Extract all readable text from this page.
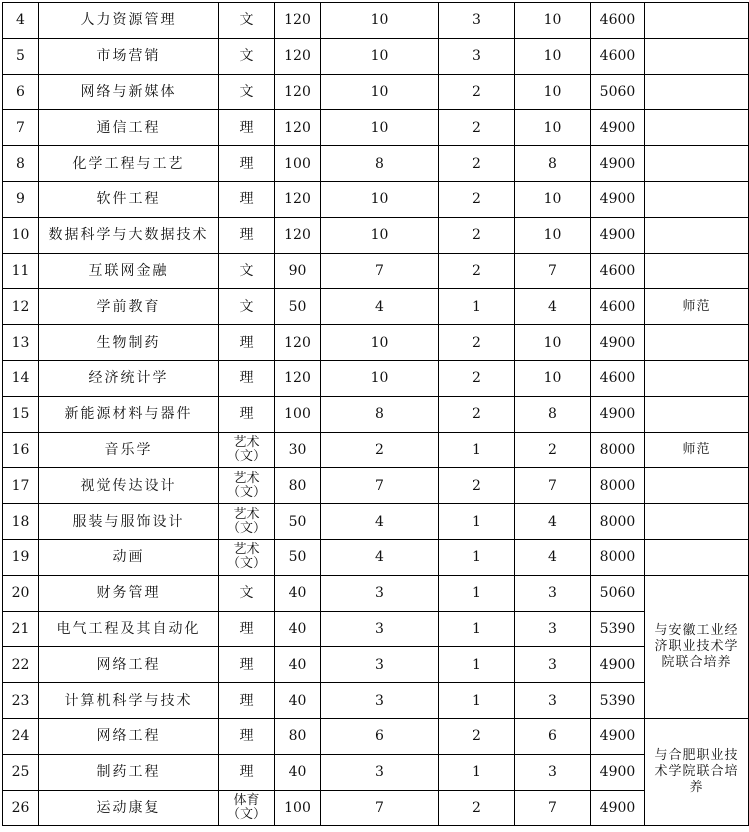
4	人力资源管理	文	120	10	3	10	4600	
5	市场营销	文	120	10	3	10	4600	
6	网络与新媒体	文	120	10	2	10	5060	
7	通信工程	理	120	10	2	10	4900	
8	化学工程与工艺	理	100	8	2	8	4900	
9	软件工程	理	120	10	2	10	4900	
10	数据科学与大数据技术	理	120	10	2	10	4900	
11	互联网金融	文	90	7	2	7	4600	
12	学前教育	文	50	4	1	4	4600	师范
13	生物制药	理	120	10	2	10	4900	
14	经济统计学	理	120	10	2	10	4600	
15	新能源材料与器件	理	100	8	2	8	4900	
16	音乐学	艺术（文）	30	2	1	2	8000	师范
17	视觉传达设计	艺术（文）	80	7	2	7	8000	
18	服装与服饰设计	艺术（文）	50	4	1	4	8000	
19	动画	艺术（文）	50	4	1	4	8000	
20	财务管理	文	40	3	1	3	5060	与安徽工业经济职业技术学院联合培养
21	电气工程及其自动化	理	40	3	1	3	5390	
22	网络工程	理	40	3	1	3	4900	
23	计算机科学与技术	理	40	3	1	3	5390	
24	网络工程	理	80	6	2	6	4900	与合肥职业技术学院联合培养
25	制药工程	理	40	3	1	3	4900	
26	运动康复	体育（文）	100	7	2	7	4900	
